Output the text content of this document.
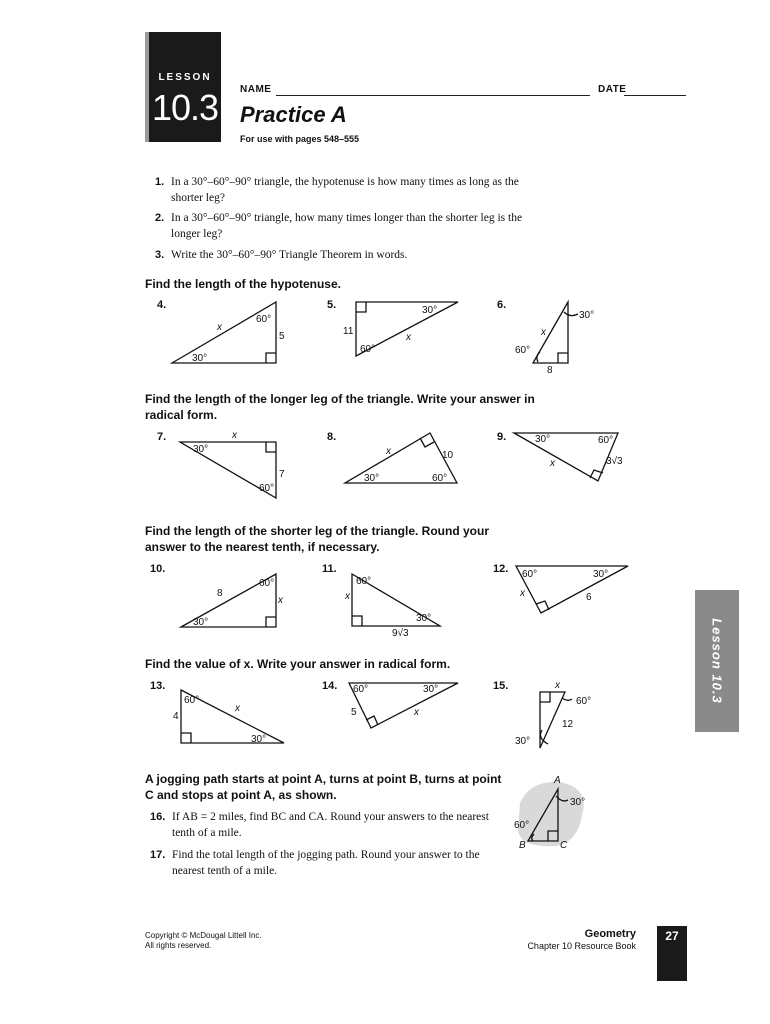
LESSON
10.3 NAME	DATE
Practice A
For use with pages 548–555
1. In a 30°–60°–90° triangle, the hypotenuse is how many times as long as the shorter leg?
2. In a 30°–60°–90° triangle, how many times longer than the shorter leg is the longer leg?
3. Write the 30°–60°–90° Triangle Theorem in words.
Find the length of the hypotenuse.
Find the length of the longer leg of the triangle. Write your answer in radical form.
Find the length of the shorter leg of the triangle. Round your answer to the nearest tenth, if necessary.
Find the value of x. Write your answer in radical form.
A jogging path starts at point A, turns at point B, turns at point C and stops at point A, as shown.
4.	5.	6.
7.	8.	9.
10.	11.	12.
13.	14.	15.
16. If AB = 2 miles, find BC and CA. Round your answers to the nearest tenth of a mile.
17. Find the total length of the jogging path. Round your answer to the nearest tenth of a mile.
60°
30°
5
x
30°
60°
11
x
30°
60°
8
x
30°
60°
7
x
30°	60°
10
x
30°	60°
3√3
x
60°
30°
8
x
60°
30°
9√3
x
60°	30°
6
x
60°
30°
4
x
60°	30°
5	x
60°
30°
12
x
A
B	C
30°
60°
Lesson 10.3
Copyright © McDougal Littell Inc.
All rights reserved.
Geometry
Chapter 10 Resource Book
27
